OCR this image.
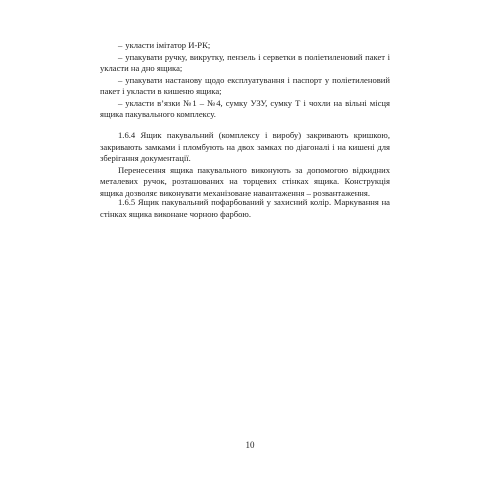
– укласти імітатор И-РК;

– упакувати ручку, викрутку, пензель і серветки в поліетиленовий пакет і укласти на дно ящика;

– упакувати настанову щодо експлуатування і паспорт у поліетиленовий пакет і укласти в кишеню ящика;

– укласти в’язки №1 – №4, сумку УЗУ, сумку Т і чохли на вільні місця ящика пакувального комплексу.

1.6.4 Ящик пакувальний (комплексу і виробу) закривають кришкою, закривають замками і пломбують на двох замках по діагоналі і на кишені для зберігання документації.

Перенесення ящика пакувального виконують за допомогою відкидних металевих ручок, розташованих на торцевих стінках ящика. Конструкція ящика дозволяє виконувати механізоване навантаження – розвантаження.

1.6.5 Ящик пакувальний пофарбований у захисний колір. Маркування на стінках ящика виконане чорною фарбою.

10
